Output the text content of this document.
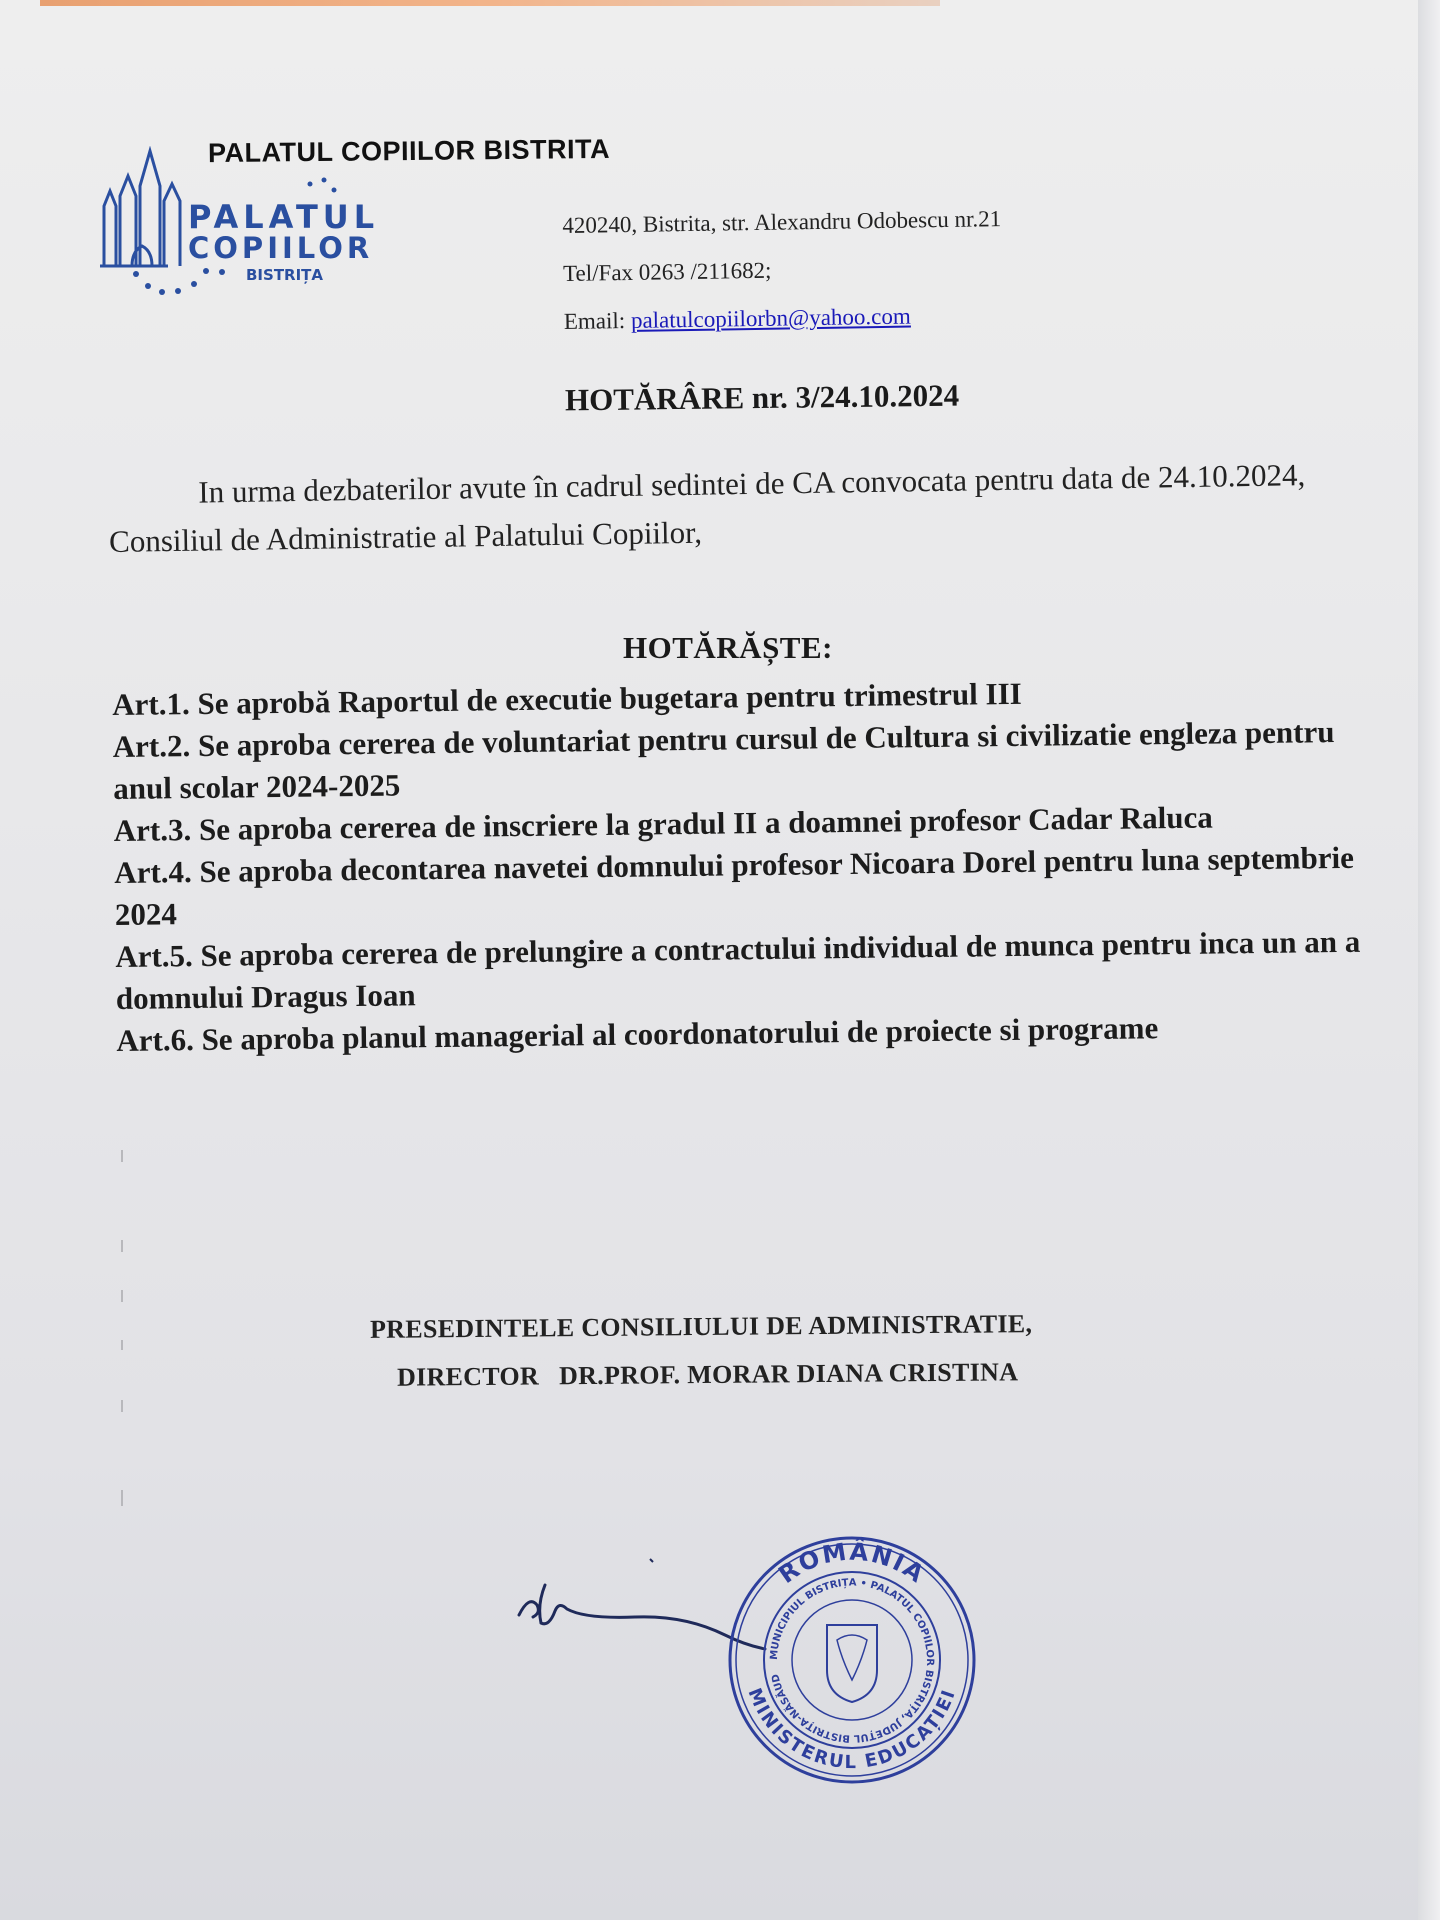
PALATUL
COPIILOR
BISTRIȚA
PALATUL COPIILOR BISTRITA
420240, Bistrita, str. Alexandru Odobescu nr.21
Tel/Fax 0263 /211682;
Email: palatulcopiilorbn@yahoo.com
HOTĂRÂRE nr. 3/24.10.2024
In urma dezbaterilor avute în cadrul sedintei de CA convocata pentru data de 24.10.2024, Consiliul de Administratie al Palatului Copiilor,
HOTĂRĂȘTE:
Art.1. Se aprobă Raportul de executie bugetara pentru trimestrul III
Art.2. Se aproba cererea de voluntariat pentru cursul de Cultura si civilizatie engleza pentru anul scolar 2024-2025
Art.3. Se aproba cererea de inscriere la gradul II a doamnei profesor Cadar Raluca
Art.4. Se aproba decontarea navetei domnului profesor Nicoara Dorel pentru luna septembrie 2024
Art.5. Se aproba cererea de prelungire a contractului individual de munca pentru inca un an a domnului Dragus Ioan
Art.6. Se aproba planul managerial al coordonatorului de proiecte si programe
PRESEDINTELE CONSILIULUI DE ADMINISTRATIE,
DIRECTOR DR.PROF. MORAR DIANA CRISTINA
ROMÂNIA
MINISTERUL EDUCAȚIEI
MUNICIPIUL BISTRIȚA • PALATUL COPIILOR BISTRIȚA, JUDEȚUL BISTRIȚA-NĂSĂUD
